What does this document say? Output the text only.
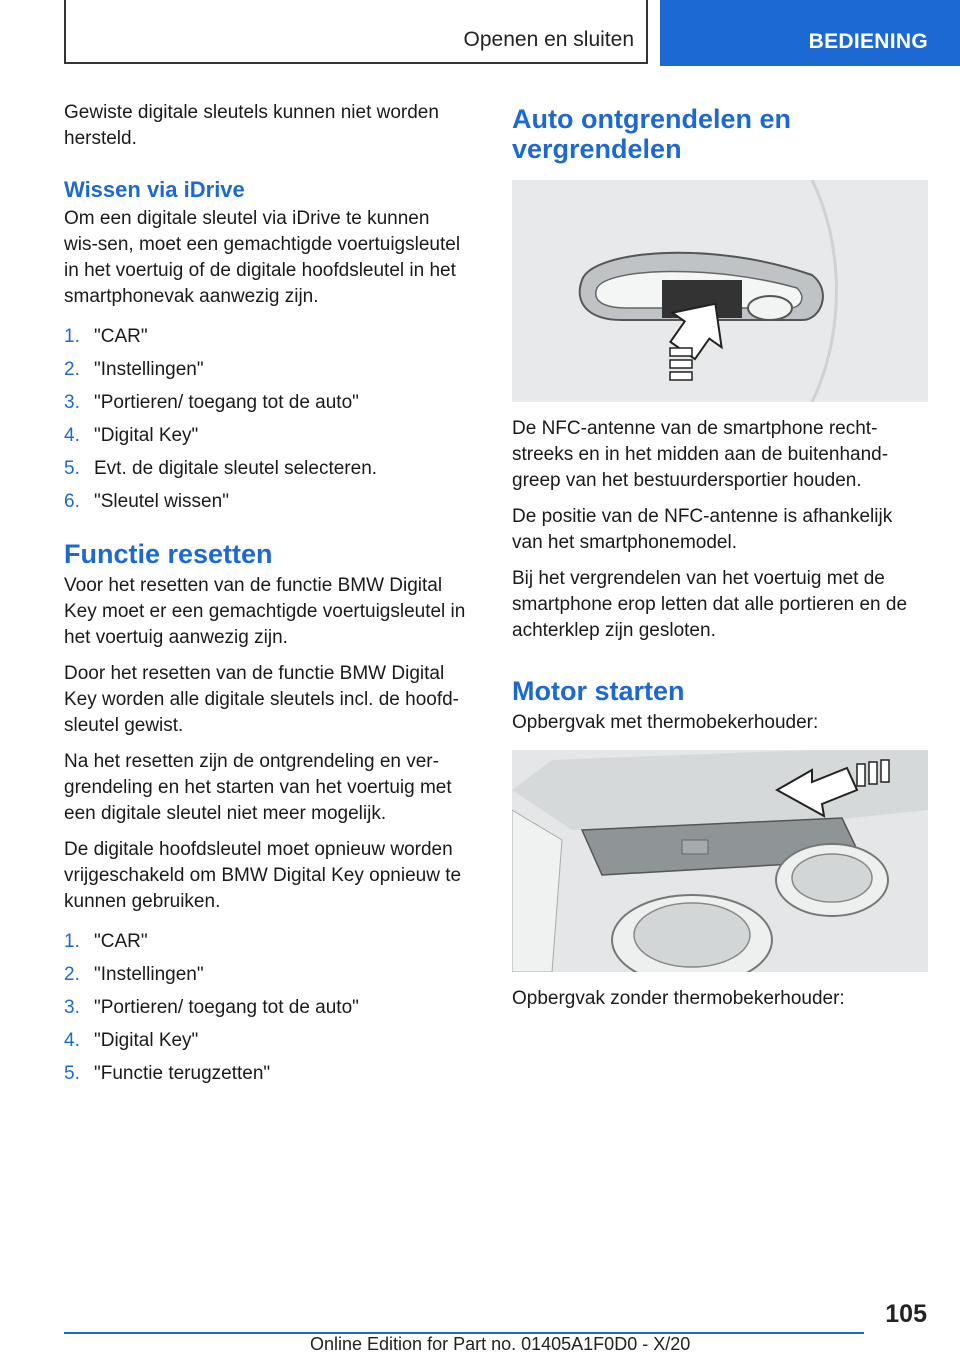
Openen en sluiten	BEDIENING

Gewiste digitale sleutels kunnen niet worden hersteld.

Wissen via iDrive

Om een digitale sleutel via iDrive te kunnen wis-sen, moet een gemachtigde voertuigsleutel in het voertuig of de digitale hoofdsleutel in het smartphonevak aanwezig zijn.

1. "CAR"
2. "Instellingen"
3. "Portieren/ toegang tot de auto"
4. "Digital Key"
5. Evt. de digitale sleutel selecteren.
6. "Sleutel wissen"
Functie resetten

Voor het resetten van de functie BMW Digital Key moet er een gemachtigde voertuigsleutel in het voertuig aanwezig zijn.

Door het resetten van de functie BMW Digital Key worden alle digitale sleutels incl. de hoofd-sleutel gewist.

Na het resetten zijn de ontgrendeling en ver-grendeling en het starten van het voertuig met een digitale sleutel niet meer mogelijk.

De digitale hoofdsleutel moet opnieuw worden vrijgeschakeld om BMW Digital Key opnieuw te kunnen gebruiken.

1. "CAR"
2. "Instellingen"
3. "Portieren/ toegang tot de auto"
4. "Digital Key"
5. "Functie terugzetten"
Auto ontgrendelen en vergrendelen

De NFC-antenne van de smartphone recht-streeks en in het midden aan de buitenhand-greep van het bestuurdersportier houden.

De positie van de NFC-antenne is afhankelijk van het smartphonemodel.

Bij het vergrendelen van het voertuig met de smartphone erop letten dat alle portieren en de achterklep zijn gesloten.

Motor starten

Opbergvak met thermobekerhouder:

Opbergvak zonder thermobekerhouder:

105
Online Edition for Part no. 01405A1F0D0 - X/20
